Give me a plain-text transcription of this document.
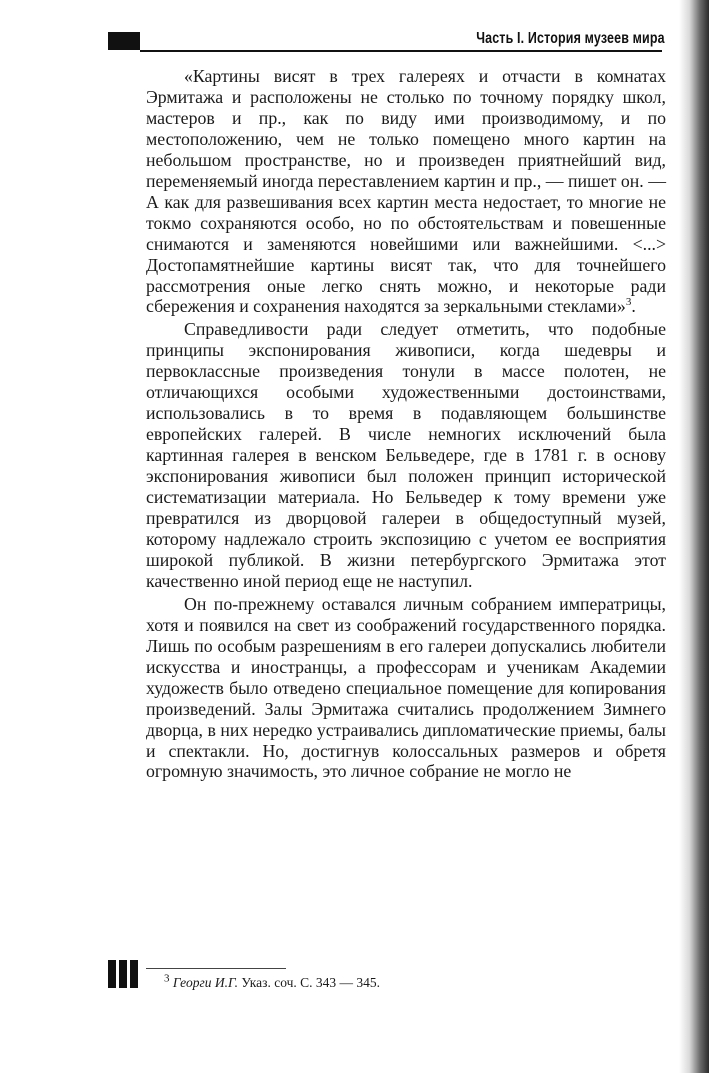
Часть I. История музеев мира

«Картины висят в трех галереях и отчасти в комнатах Эрмитажа и расположены не столько по точному порядку школ, мастеров и пр., как по виду ими производимому, и по местоположению, чем не только помещено много картин на небольшом пространстве, но и произведен приятнейший вид, переменяемый иногда переставлением картин и пр., — пишет он. — А как для развешивания всех картин места недостает, то многие не токмо сохраняются особо, но по обстоятельствам и повешенные снимаются и заменяются новейшими или важнейшими. <...> Достопамятнейшие картины висят так, что для точнейшего рассмотрения оные легко снять можно, и некоторые ради сбережения и сохранения находятся за зеркальными стеклами»$^3$.

Справедливости ради следует отметить, что подобные принципы экспонирования живописи, когда шедевры и первоклассные произведения тонули в массе полотен, не отличающихся особыми художественными достоинствами, использовались в то время в подавляющем большинстве европейских галерей. В числе немногих исключений была картинная галерея в венском Бельведере, где в 1781 г. в основу экспонирования живописи был положен принцип исторической систематизации материала. Но Бельведер к тому времени уже превратился из дворцовой галереи в общедоступный музей, которому надлежало строить экспозицию с учетом ее восприятия широкой публикой. В жизни петербургского Эрмитажа этот качественно иной период еще не наступил.

Он по-прежнему оставался личным собранием императрицы, хотя и появился на свет из соображений государственного порядка. Лишь по особым разрешениям в его галереи допускались любители искусства и иностранцы, а профессорам и ученикам Академии художеств было отведено специальное помещение для копирования произведений. Залы Эрмитажа считались продолжением Зимнего дворца, в них нередко устраивались дипломатические приемы, балы и спектакли. Но, достигнув колоссальных размеров и обретя огромную значимость, это личное собрание не могло не

$^3$ Георги И.Г. Указ. соч. С. 343 — 345.
